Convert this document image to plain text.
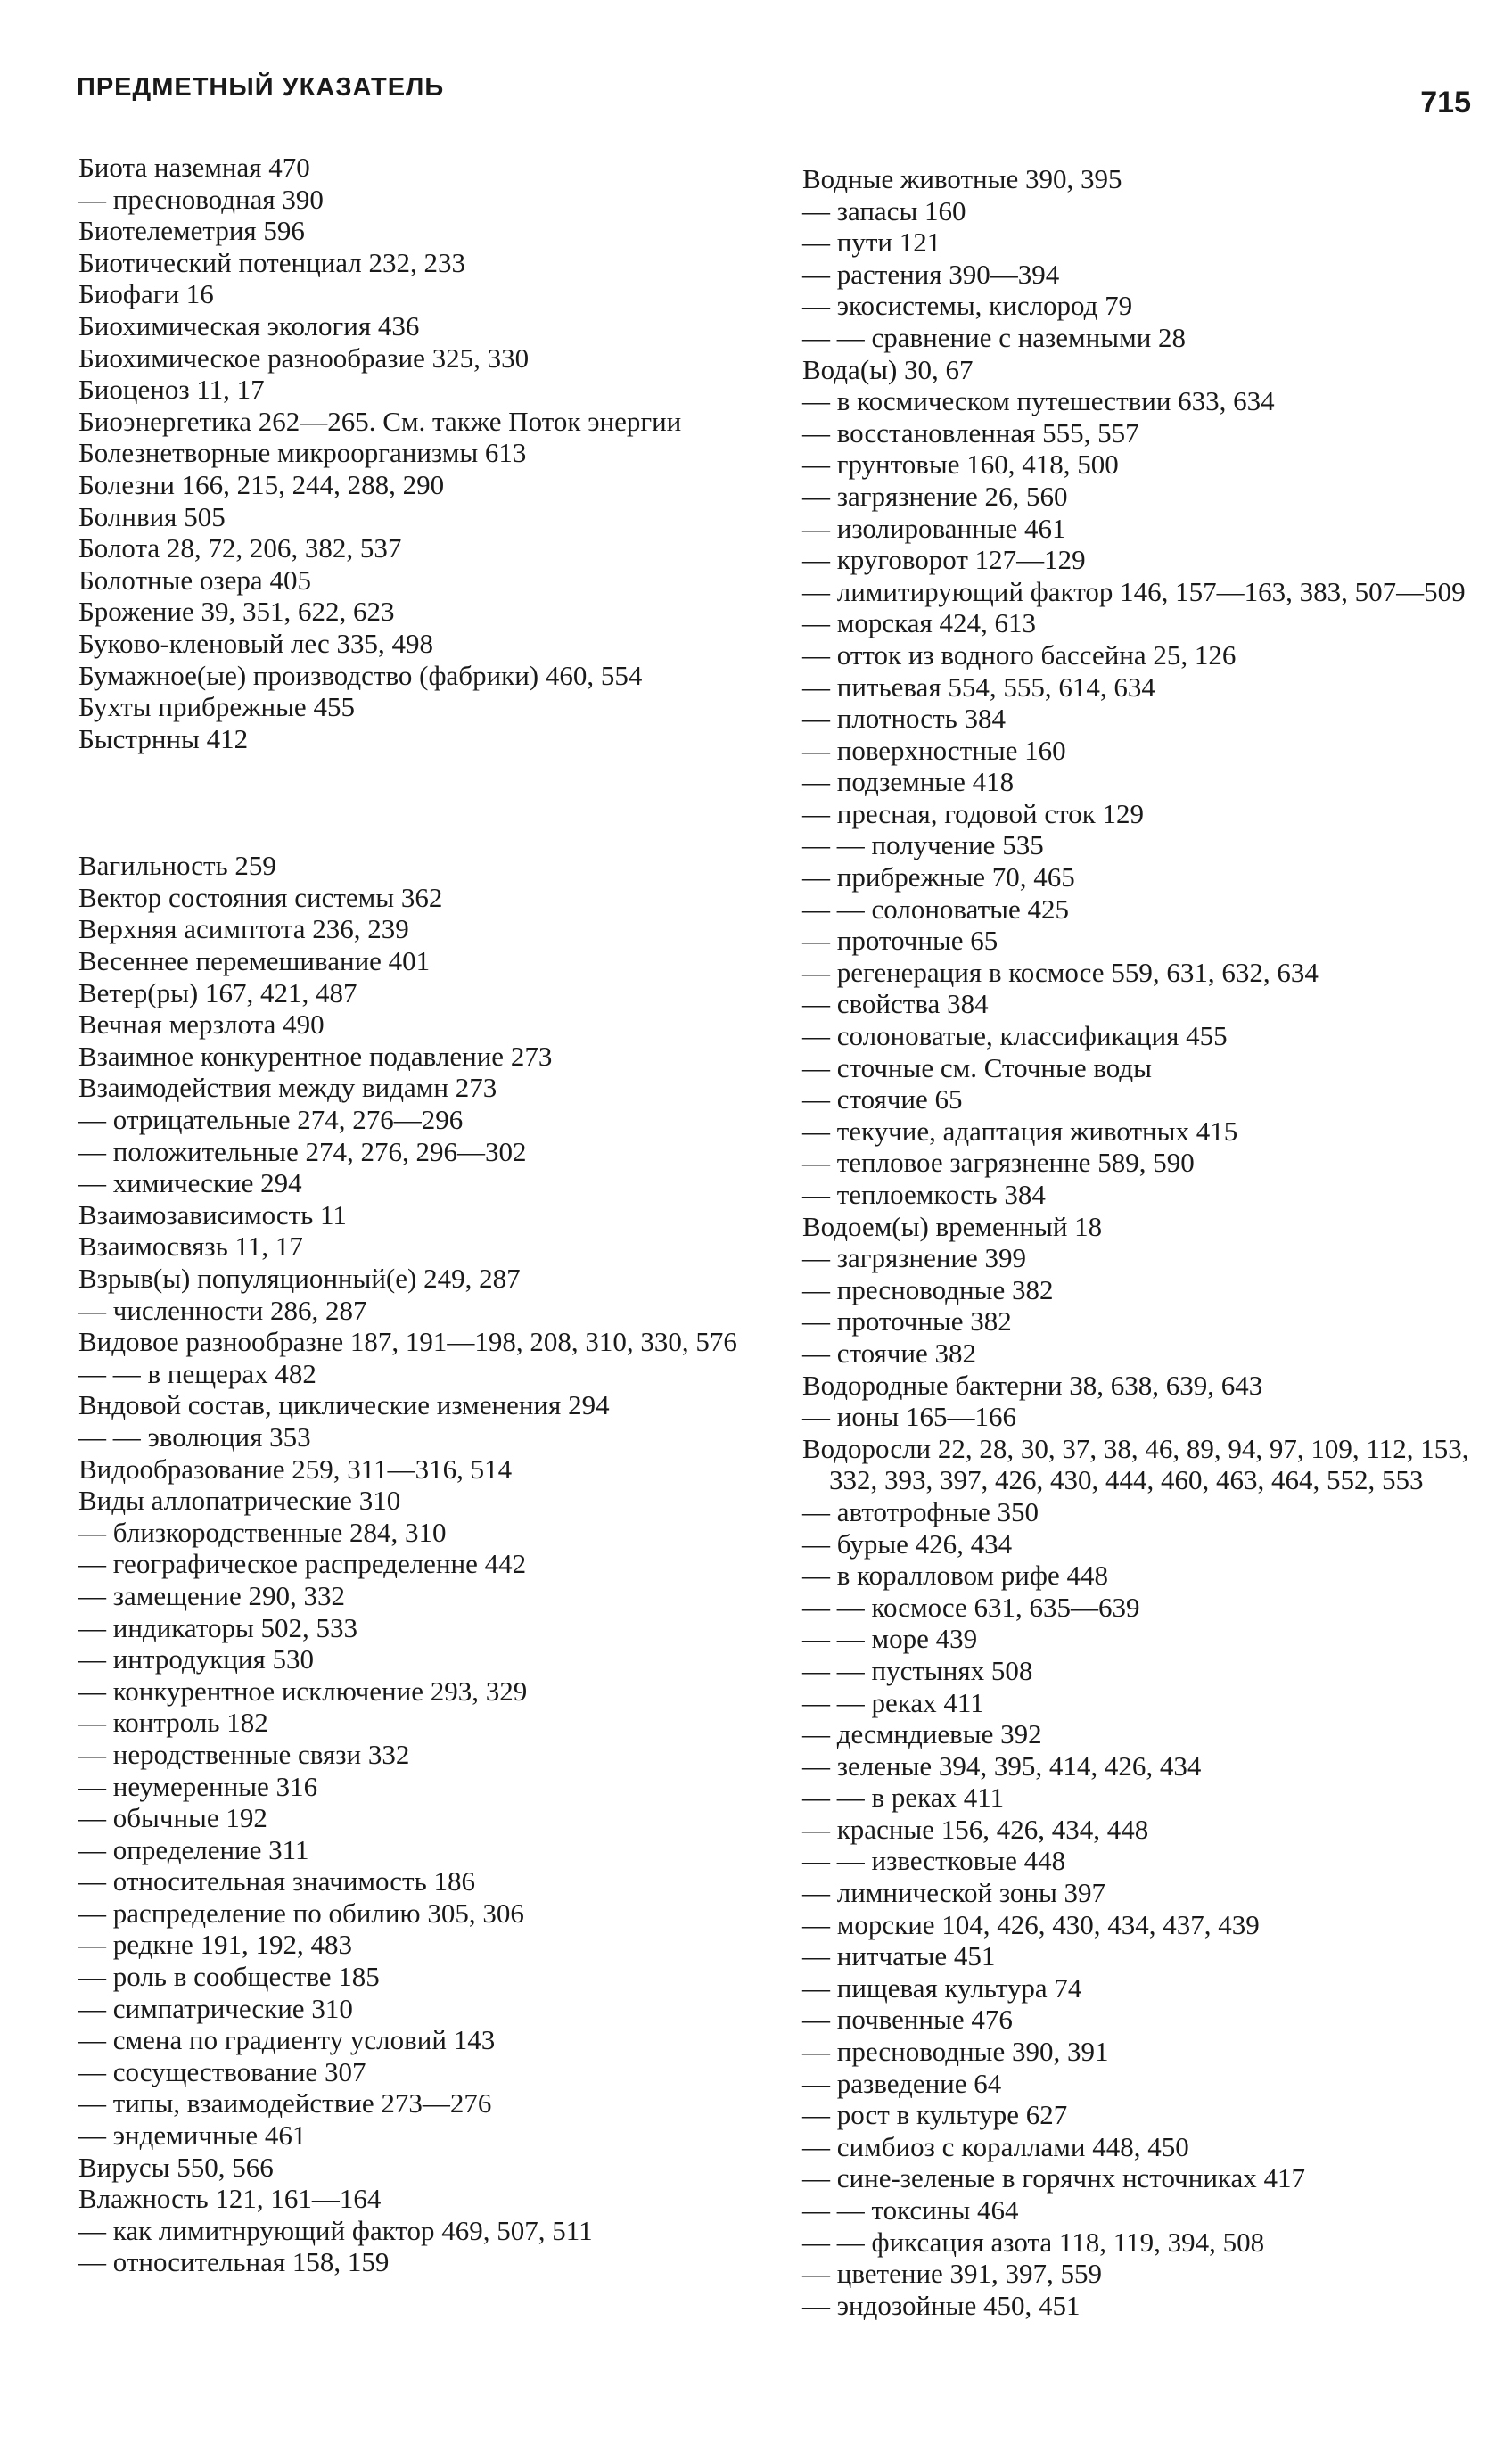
ПРЕДМЕТНЫЙ УКАЗАТЕЛЬ	715

Биота наземная 470

— пресноводная 390

Биотелеметрия 596

Биотический потенциал 232, 233

Биофаги 16

Биохимическая экология 436

Биохимическое разнообразие 325, 330

Биоценоз 11, 17

Биоэнергетика 262—265. См. также Поток энергии

Болезнетворные микроорганизмы 613

Болезни 166, 215, 244, 288, 290

Болнвия 505

Болота 28, 72, 206, 382, 537

Болотные озера 405

Брожение 39, 351, 622, 623

Буково-кленовый лес 335, 498

Бумажное(ые) производство (фабрики) 460, 554

Бухты прибрежные 455

Быстрнны 412

Вагильность 259

Вектор состояния системы 362

Верхняя асимптота 236, 239

Весеннее перемешивание 401

Ветер(ры) 167, 421, 487

Вечная мерзлота 490

Взаимное конкурентное подавление 273

Взаимодействия между видамн 273

— отрицательные 274, 276—296

— положительные 274, 276, 296—302

— химические 294

Взаимозависимость 11

Взаимосвязь 11, 17

Взрыв(ы) популяционный(е) 249, 287

— численности 286, 287

Видовое разнообразне 187, 191—198, 208, 310, 330, 576

— — в пещерах 482

Вндовой состав, циклические изменения 294

— — эволюция 353

Видообразование 259, 311—316, 514

Виды аллопатрические 310

— близкородственные 284, 310

— географическое распределенне 442

— замещение 290, 332

— индикаторы 502, 533

— интродукция 530

— конкурентное исключение 293, 329

— контроль 182

— неродственные связи 332

— неумеренные 316

— обычные 192

— определение 311

— относительная значимость 186

— распределение по обилию 305, 306

— редкне 191, 192, 483

— роль в сообществе 185

— симпатрические 310

— смена по градиенту условий 143

— сосуществование 307

— типы, взаимодействие 273—276

— эндемичные 461

Вирусы 550, 566

Влажность 121, 161—164

— как лимитнрующий фактор 469, 507, 511

— относительная 158, 159

Водные животные 390, 395

— запасы 160

— пути 121

— растения 390—394

— экосистемы, кислород 79

— — сравнение с наземными 28

Вода(ы) 30, 67

— в космическом путешествии 633, 634

— восстановленная 555, 557

— грунтовые 160, 418, 500

— загрязнение 26, 560

— изолированные 461

— круговорот 127—129

— лимитирующий фактор 146, 157—163, 383, 507—509

— морская 424, 613

— отток из водного бассейна 25, 126

— питьевая 554, 555, 614, 634

— плотность 384

— поверхностные 160

— подземные 418

— пресная, годовой сток 129

— — получение 535

— прибрежные 70, 465

— — солоноватые 425

— проточные 65

— регенерация в космосе 559, 631, 632, 634

— свойства 384

— солоноватые, классификация 455

— сточные см. Сточные воды

— стоячие 65

— текучие, адаптация животных 415

— тепловое загрязненне 589, 590

— теплоемкость 384

Водоем(ы) временный 18

— загрязнение 399

— пресноводные 382

— проточные 382

— стоячие 382

Водородные бактерни 38, 638, 639, 643

— ионы 165—166

Водоросли 22, 28, 30, 37, 38, 46, 89, 94, 97, 109, 112, 153, 332, 393, 397, 426, 430, 444, 460, 463, 464, 552, 553

— автотрофные 350

— бурые 426, 434

— в коралловом рифе 448

— — космосе 631, 635—639

— — море 439

— — пустынях 508

— — реках 411

— десмндиевые 392

— зеленые 394, 395, 414, 426, 434

— — в реках 411

— красные 156, 426, 434, 448

— — известковые 448

— лимнической зоны 397

— морские 104, 426, 430, 434, 437, 439

— нитчатые 451

— пищевая культура 74

— почвенные 476

— пресноводные 390, 391

— разведение 64

— рост в культуре 627

— симбиоз с кораллами 448, 450

— сине-зеленые в горячнх нсточниках 417

— — токсины 464

— — фиксация азота 118, 119, 394, 508

— цветение 391, 397, 559

— эндозойные 450, 451
